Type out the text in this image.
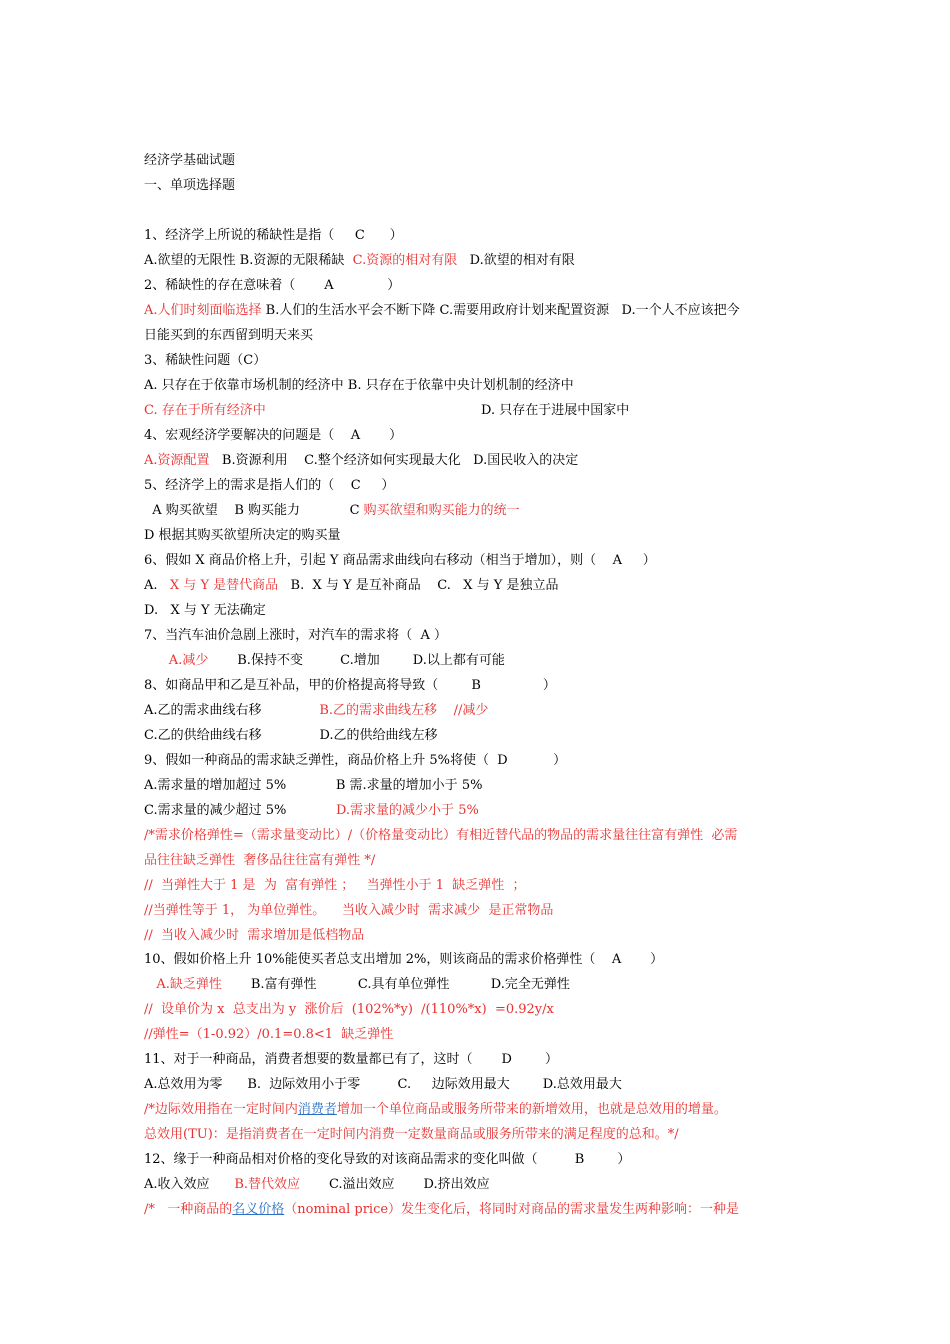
经济学基础试题
一、单项选择题
1、经济学上所说的稀缺性是指（     C      ）
A.欲望的无限性 B.资源的无限稀缺  C.资源的相对有限   D.欲望的相对有限
2、稀缺性的存在意味着（       A             ）
A.人们时刻面临选择 B.人们的生活水平会不断下降 C.需要用政府计划来配置资源   D.一个人不应该把今
日能买到的东西留到明天来买
3、稀缺性问题（C）
A. 只存在于依靠市场机制的经济中 B. 只存在于依靠中央计划机制的经济中
C. 存在于所有经济中	D. 只存在于进展中国家中
4、宏观经济学要解决的问题是（    A       ）
A.资源配置   B.资源利用    C.整个经济如何实现最大化   D.国民收入的决定
5、经济学上的需求是指人们的（    C     ）
A 购买欲望    B 购买能力            C 购买欲望和购买能力的统一
D 根据其购买欲望所决定的购买量
6、假如 X 商品价格上升，引起 Y 商品需求曲线向右移动（相当于增加），则（    A     ）
A.   X 与 Y 是替代商品   B.  X 与 Y 是互补商品    C.   X 与 Y 是独立品
D.   X 与 Y 无法确定
7、当汽车油价急剧上涨时，对汽车的需求将（  A ）
A.减少       B.保持不变         C.增加        D.以上都有可能
8、如商品甲和乙是互补品，甲的价格提高将导致（        B               ）
A.乙的需求曲线右移              B.乙的需求曲线左移    //减少
C.乙的供给曲线右移              D.乙的供给曲线左移
9、假如一种商品的需求缺乏弹性，商品价格上升 5%将使（  D           ）
A.需求量的增加超过 5%            B 需.求量的增加小于 5%
C.需求量的减少超过 5%            D.需求量的减少小于 5%
/*需求价格弹性=（需求量变动比）/（价格量变动比）有相近替代品的物品的需求量往往富有弹性  必需
品往往缺乏弹性  奢侈品往往富有弹性 */
//  当弹性大于 1 是  为  富有弹性 ；   当弹性小于 1  缺乏弹性  ；
//当弹性等于 1， 为单位弹性。    当收入减少时  需求减少  是正常物品
//  当收入减少时  需求增加是低档物品
10、假如价格上升 10%能使买者总支出增加 2%，则该商品的需求价格弹性（    A       ）
A.缺乏弹性       B.富有弹性          C.具有单位弹性          D.完全无弹性
//  设单价为 x  总支出为 y  涨价后  (102%*y)  /(110%*x)  =0.92y/x
//弹性=（1-0.92）/0.1=0.8<1  缺乏弹性
11、对于一种商品，消费者想要的数量都已有了，这时（       D        ）
A.总效用为零      B.  边际效用小于零         C.     边际效用最大        D.总效用最大
/*边际效用指在一定时间内消费者增加一个单位商品或服务所带来的新增效用，也就是总效用的增量。
总效用(TU)：是指消费者在一定时间内消费一定数量商品或服务所带来的满足程度的总和。*/
12、缘于一种商品相对价格的变化导致的对该商品需求的变化叫做（         B        ）
A.收入效应      B.替代效应       C.溢出效应       D.挤出效应
/*   一种商品的名义价格（nominal price）发生变化后，将同时对商品的需求量发生两种影响：一种是
